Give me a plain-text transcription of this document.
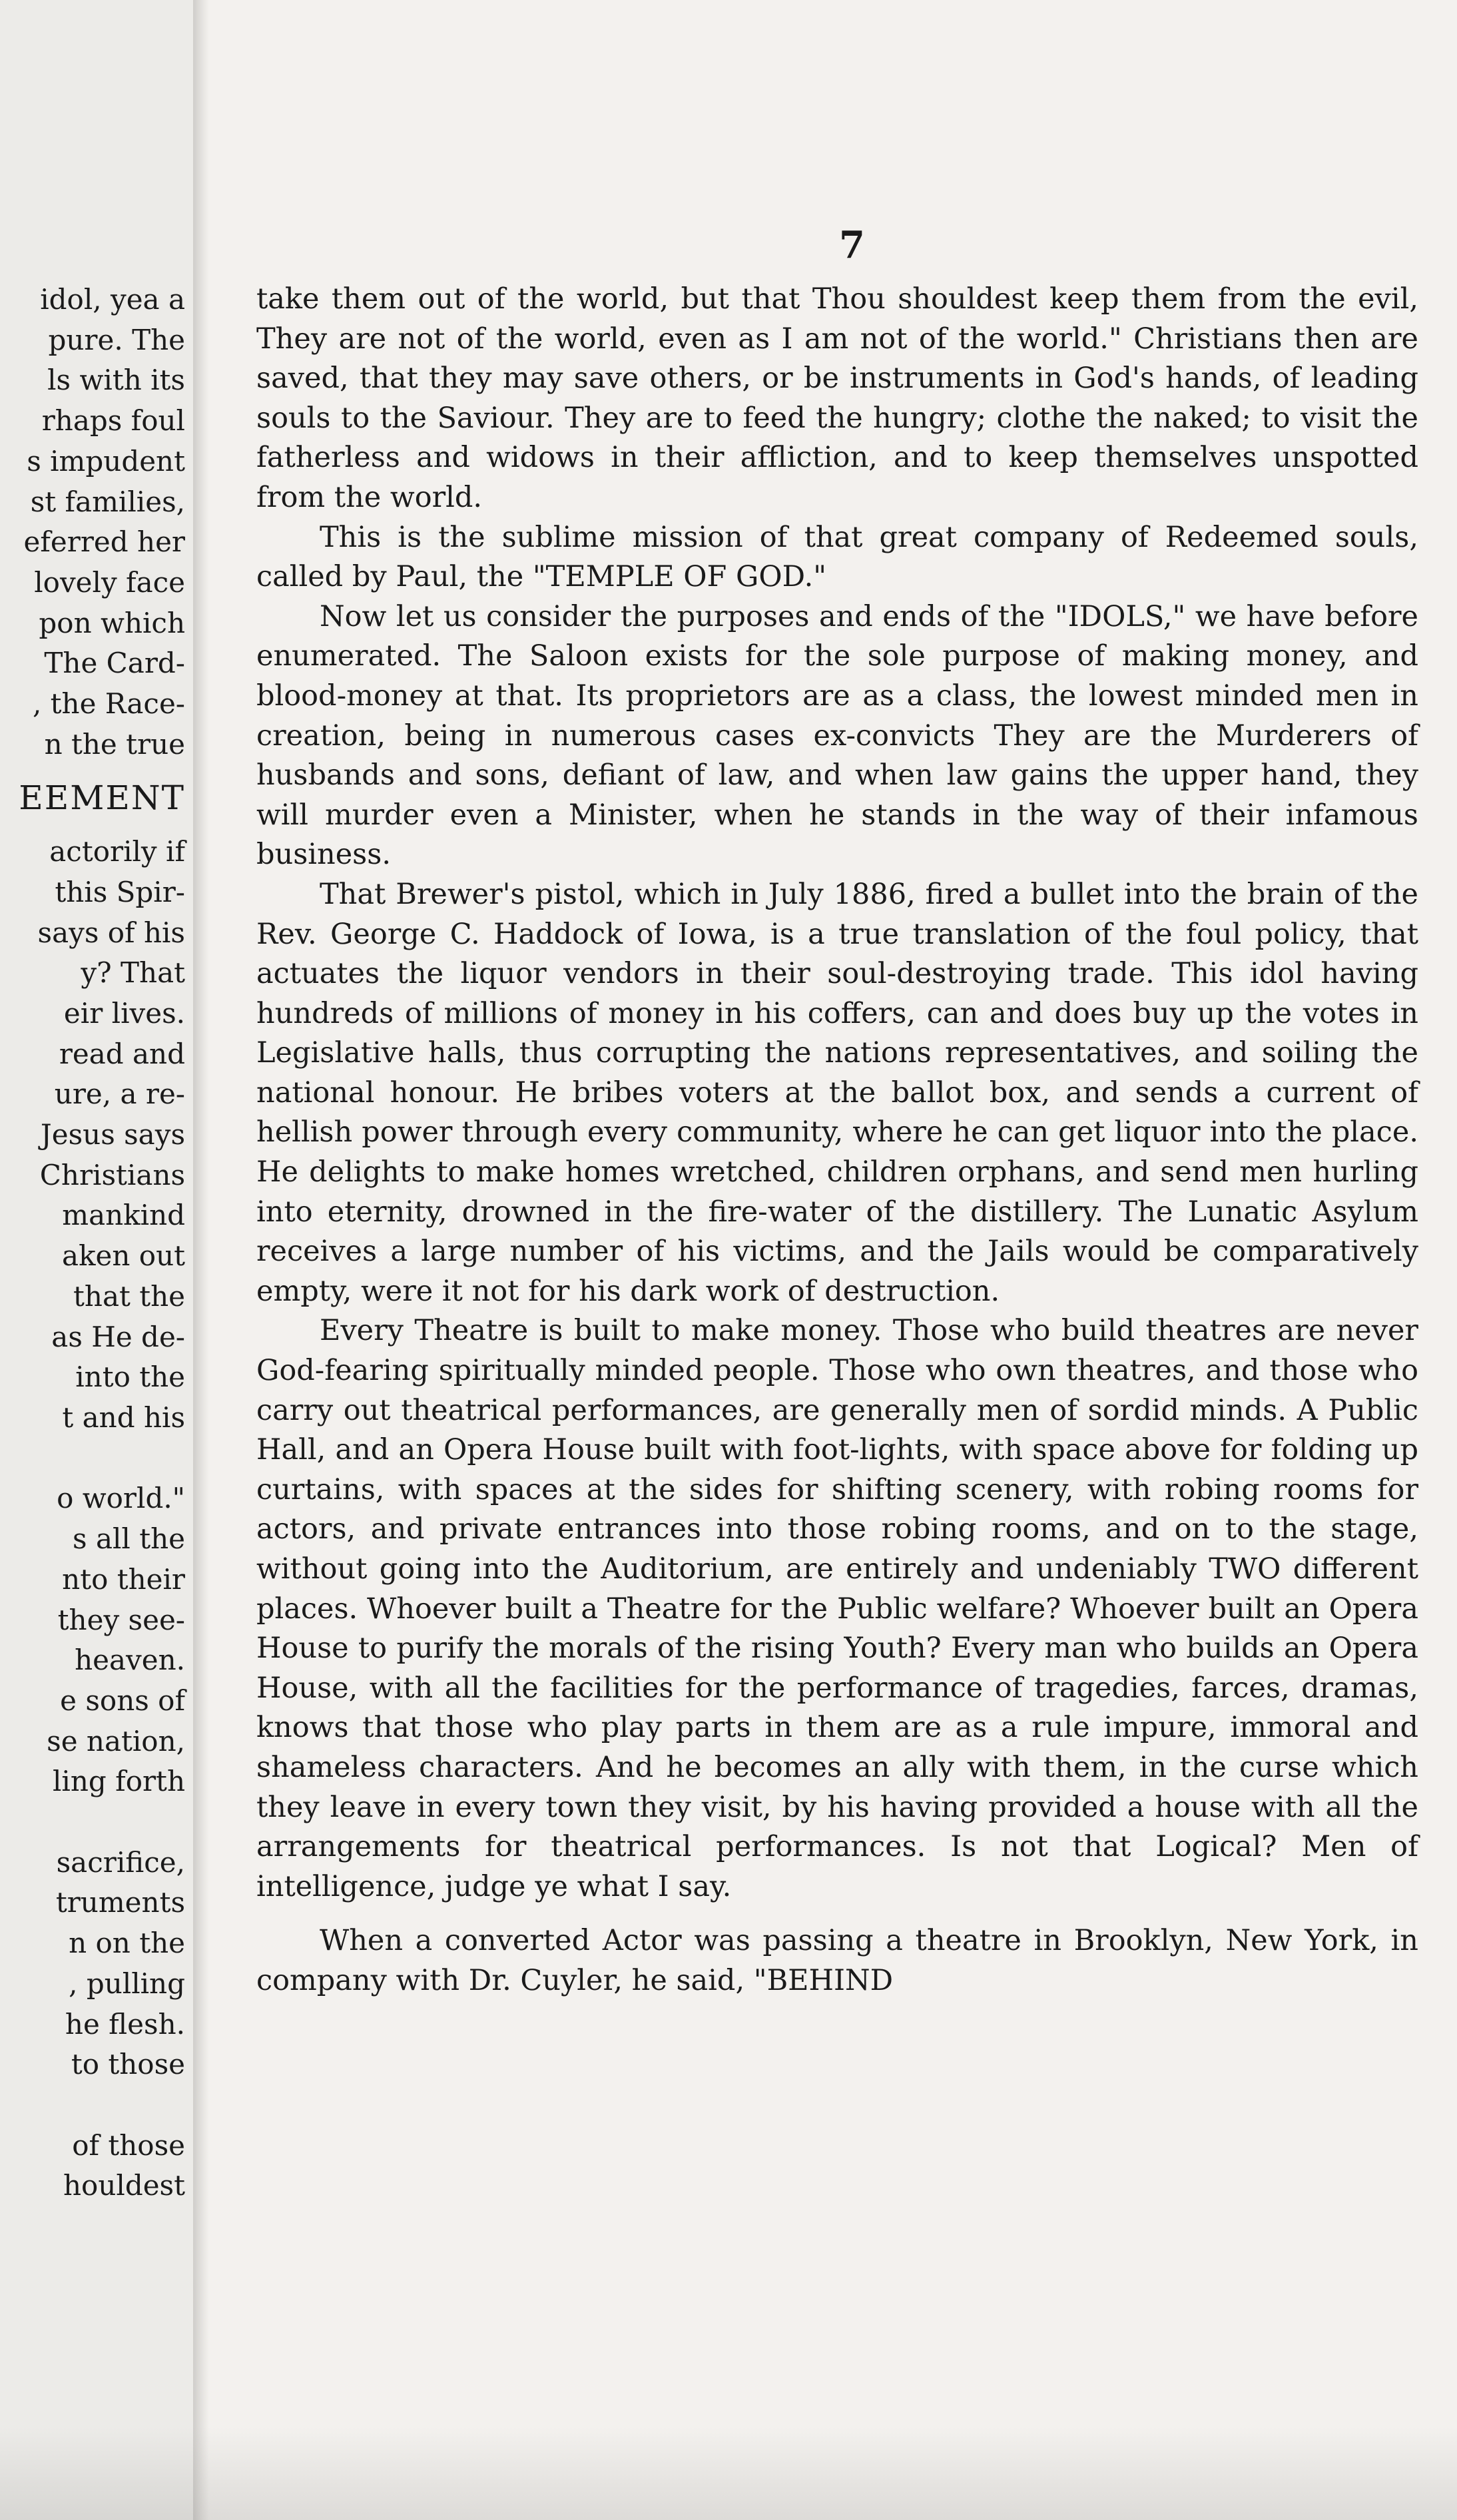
idol, yea a
pure. The
ls with its
rhaps foul
s impudent
st families,
eferred her
lovely face
pon which
The Card-
, the Race-
n the true
EEMENT
actorily if
this Spir-
says of his
y? That
eir lives.
read and
ure, a re-
Jesus says
Christians
mankind
aken out
that the
as He de-
into the
t and his

o world."
s all the
nto their
they see-
heaven.
e sons of
se nation,
ling forth

sacrifice,
truments
n on the
, pulling
he flesh.
to those

of those
houldest
7

take them out of the world, but that Thou shouldest keep them from the evil, They are not of the world, even as I am not of the world." Christians then are saved, that they may save others, or be instruments in God's hands, of leading souls to the Saviour. They are to feed the hungry; clothe the naked; to visit the fatherless and widows in their affliction, and to keep themselves unspotted from the world.

This is the sublime mission of that great company of Redeemed souls, called by Paul, the "TEMPLE OF GOD."

Now let us consider the purposes and ends of the "IDOLS," we have before enumerated. The Saloon exists for the sole purpose of making money, and blood-money at that. Its proprietors are as a class, the lowest minded men in creation, being in numerous cases ex-convicts They are the Murderers of husbands and sons, defiant of law, and when law gains the upper hand, they will murder even a Minister, when he stands in the way of their infamous business.

That Brewer's pistol, which in July 1886, fired a bullet into the brain of the Rev. George C. Haddock of Iowa, is a true translation of the foul policy, that actuates the liquor vendors in their soul-destroying trade. This idol having hundreds of millions of money in his coffers, can and does buy up the votes in Legislative halls, thus corrupting the nations representatives, and soiling the national honour. He bribes voters at the ballot box, and sends a current of hellish power through every community, where he can get liquor into the place. He delights to make homes wretched, children orphans, and send men hurling into eternity, drowned in the fire-water of the distillery. The Lunatic Asylum receives a large number of his victims, and the Jails would be comparatively empty, were it not for his dark work of destruction.

Every Theatre is built to make money. Those who build theatres are never God-fearing spiritually minded people. Those who own theatres, and those who carry out theatrical performances, are generally men of sordid minds. A Public Hall, and an Opera House built with foot-lights, with space above for folding up curtains, with spaces at the sides for shifting scenery, with robing rooms for actors, and private entrances into those robing rooms, and on to the stage, without going into the Auditorium, are entirely and undeniably TWO different places. Whoever built a Theatre for the Public welfare? Whoever built an Opera House to purify the morals of the rising Youth? Every man who builds an Opera House, with all the facilities for the performance of tragedies, farces, dramas, knows that those who play parts in them are as a rule impure, immoral and shameless characters. And he becomes an ally with them, in the curse which they leave in every town they visit, by his having provided a house with all the arrangements for theatrical performances. Is not that Logical? Men of intelligence, judge ye what I say.

When a converted Actor was passing a theatre in Brooklyn, New York, in company with Dr. Cuyler, he said, "BEHIND
